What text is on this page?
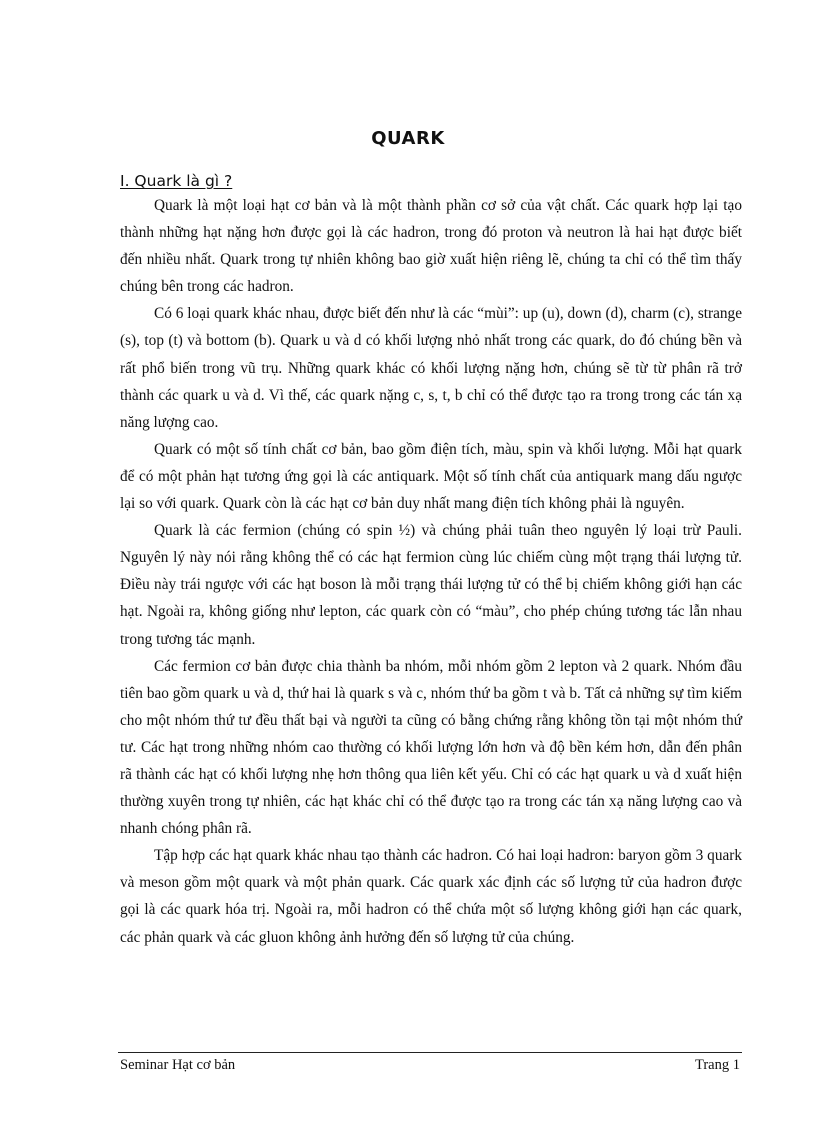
QUARK
I. Quark là gì ?

Quark là một loại hạt cơ bản và là một thành phần cơ sở của vật chất. Các quark hợp lại tạo thành những hạt nặng hơn được gọi là các hadron, trong đó proton và neutron là hai hạt được biết đến nhiều nhất. Quark trong tự nhiên không bao giờ xuất hiện riêng lẽ, chúng ta chỉ có thể tìm thấy chúng bên trong các hadron.

Có 6 loại quark khác nhau, được biết đến như là các “mùi”: up (u), down (d), charm (c), strange (s), top (t) và bottom (b). Quark u và d có khối lượng nhỏ nhất trong các quark, do đó chúng bền và rất phổ biến trong vũ trụ. Những quark khác có khối lượng nặng hơn, chúng sẽ từ từ phân rã trở thành các quark u và d. Vì thế, các quark nặng c, s, t, b chỉ có thể được tạo ra trong trong các tán xạ năng lượng cao.

Quark có một số tính chất cơ bản, bao gồm điện tích, màu, spin và khối lượng. Mỗi hạt quark để có một phản hạt tương ứng gọi là các antiquark. Một số tính chất của antiquark mang dấu ngược lại so với quark. Quark còn là các hạt cơ bản duy nhất mang điện tích không phải là nguyên.

Quark là các fermion (chúng có spin ½) và chúng phải tuân theo nguyên lý loại trừ Pauli. Nguyên lý này nói rằng không thể có các hạt fermion cùng lúc chiếm cùng một trạng thái lượng tử. Điều này trái ngược với các hạt boson là mỗi trạng thái lượng tử có thể bị chiếm không giới hạn các hạt. Ngoài ra, không giống như lepton, các quark còn có “màu”, cho phép chúng tương tác lẫn nhau trong tương tác mạnh.

Các fermion cơ bản được chia thành ba nhóm, mỗi nhóm gồm 2 lepton và 2 quark. Nhóm đầu tiên bao gồm quark u và d, thứ hai là quark s và c, nhóm thứ ba gồm t và b. Tất cả những sự tìm kiếm cho một nhóm thứ tư đều thất bại và người ta cũng có bằng chứng rằng không tồn tại một nhóm thứ tư. Các hạt trong những nhóm cao thường có khối lượng lớn hơn và độ bền kém hơn, dẫn đến phân rã thành các hạt có khối lượng nhẹ hơn thông qua liên kết yếu. Chỉ có các hạt quark u và d xuất hiện thường xuyên trong tự nhiên, các hạt khác chỉ có thể được tạo ra trong các tán xạ năng lượng cao và nhanh chóng phân rã.

Tập hợp các hạt quark khác nhau tạo thành các hadron. Có hai loại hadron: baryon gồm 3 quark và meson gồm một quark và một phản quark. Các quark xác định các số lượng tử của hadron được gọi là các quark hóa trị. Ngoài ra, mỗi hadron có thể chứa một số lượng không giới hạn các quark, các phản quark và các gluon không ảnh hưởng đến số lượng tử của chúng.

Seminar Hạt cơ bản	Trang 1
